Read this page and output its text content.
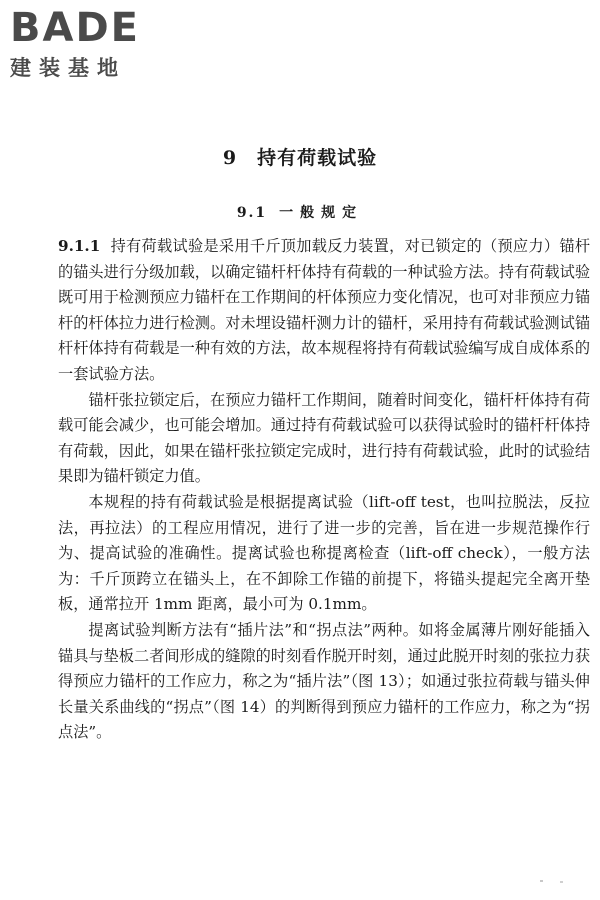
BADE
建装基地
9 持有荷载试验
9.1 一般规定

9.1.1 持有荷载试验是采用千斤顶加载反力装置，对已锁定的（预应力）锚杆的锚头进行分级加载，以确定锚杆杆体持有荷载的一种试验方法。持有荷载试验既可用于检测预应力锚杆在工作期间的杆体预应力变化情况，也可对非预应力锚杆的杆体拉力进行检测。对未埋设锚杆测力计的锚杆，采用持有荷载试验测试锚杆杆体持有荷载是一种有效的方法，故本规程将持有荷载试验编写成自成体系的一套试验方法。

锚杆张拉锁定后，在预应力锚杆工作期间，随着时间变化，锚杆杆体持有荷载可能会减少，也可能会增加。通过持有荷载试验可以获得试验时的锚杆杆体持有荷载，因此，如果在锚杆张拉锁定完成时，进行持有荷载试验，此时的试验结果即为锚杆锁定力值。

本规程的持有荷载试验是根据提离试验（lift-off test，也叫拉脱法，反拉法，再拉法）的工程应用情况，进行了进一步的完善，旨在进一步规范操作行为、提高试验的准确性。提离试验也称提离检查（lift-off check），一般方法为：千斤顶跨立在锚头上，在不卸除工作锚的前提下，将锚头提起完全离开垫板，通常拉开 1mm 距离，最小可为 0.1mm。

提离试验判断方法有“插片法”和“拐点法”两种。如将金属薄片刚好能插入锚具与垫板二者间形成的缝隙的时刻看作脱开时刻，通过此脱开时刻的张拉力获得预应力锚杆的工作应力，称之为“插片法”（图 13）；如通过张拉荷载与锚头伸长量关系曲线的“拐点”（图 14）的判断得到预应力锚杆的工作应力，称之为“拐点法”。
